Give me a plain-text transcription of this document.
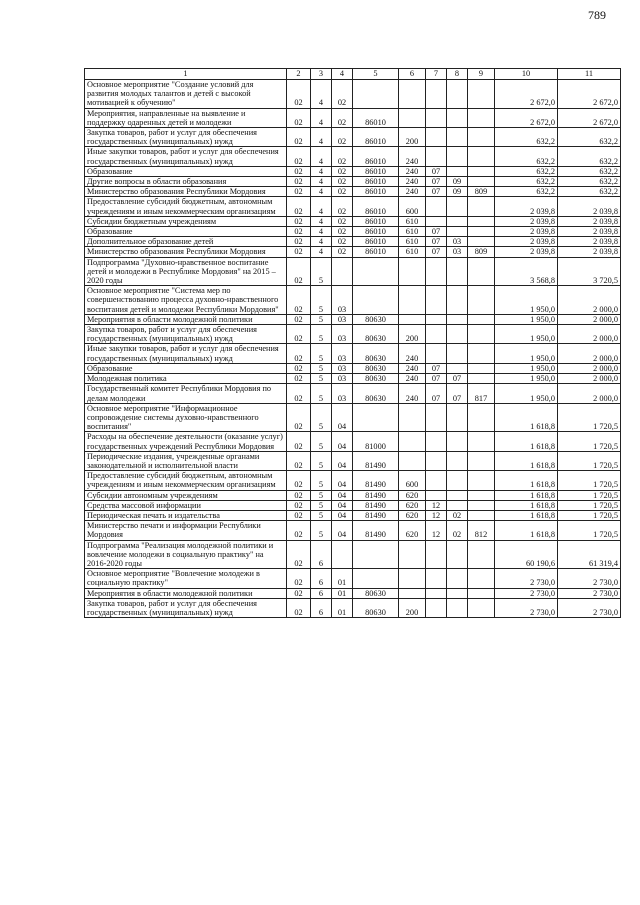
789
1	2	3	4	5	6	7	8	9	10	11
Основное мероприятие "Создание условий для развития молодых талантов и детей с высокой мотивацией к обучению"	02	4	02						2 672,0	2 672,0
Мероприятия, направленные на выявление и поддержку одаренных детей и молодежи	02	4	02	86010					2 672,0	2 672,0
Закупка товаров, работ и услуг для обеспечения государственных (муниципальных) нужд	02	4	02	86010	200				632,2	632,2
Иные закупки товаров, работ и услуг для обеспечения государственных (муниципальных) нужд	02	4	02	86010	240				632,2	632,2
Образование	02	4	02	86010	240	07			632,2	632,2
Другие вопросы в области образования	02	4	02	86010	240	07	09		632,2	632,2
Министерство образования Республики Мордовия	02	4	02	86010	240	07	09	809	632,2	632,2
Предоставление субсидий бюджетным, автономным учреждениям и иным некоммерческим организациям	02	4	02	86010	600				2 039,8	2 039,8
Субсидии бюджетным учреждениям	02	4	02	86010	610				2 039,8	2 039,8
Образование	02	4	02	86010	610	07			2 039,8	2 039,8
Дополнительное образование детей	02	4	02	86010	610	07	03		2 039,8	2 039,8
Министерство образования Республики Мордовия	02	4	02	86010	610	07	03	809	2 039,8	2 039,8
Подпрограмма "Духовно-нравственное воспитание детей и молодежи в Республике Мордовия" на 2015 – 2020 годы	02	5							3 568,8	3 720,5
Основное мероприятие "Система мер по совершенствованию процесса духовно-нравственного воспитания детей и молодежи Республики Мордовия"	02	5	03						1 950,0	2 000,0
Мероприятия в области молодежной политики	02	5	03	80630					1 950,0	2 000,0
Закупка товаров, работ и услуг для обеспечения государственных (муниципальных) нужд	02	5	03	80630	200				1 950,0	2 000,0
Иные закупки товаров, работ и услуг для обеспечения государственных (муниципальных) нужд	02	5	03	80630	240				1 950,0	2 000,0
Образование	02	5	03	80630	240	07			1 950,0	2 000,0
Молодежная политика	02	5	03	80630	240	07	07		1 950,0	2 000,0
Государственный комитет Республики Мордовия по делам молодежи	02	5	03	80630	240	07	07	817	1 950,0	2 000,0
Основное мероприятие "Информационное сопровождение системы духовно-нравственного воспитания"	02	5	04						1 618,8	1 720,5
Расходы на обеспечение деятельности (оказание услуг) государственных учреждений Республики Мордовия	02	5	04	81000					1 618,8	1 720,5
Периодические издания, учрежденные органами законодательной и исполнительной власти	02	5	04	81490					1 618,8	1 720,5
Предоставление субсидий бюджетным, автономным учреждениям и иным некоммерческим организациям	02	5	04	81490	600				1 618,8	1 720,5
Субсидии автономным учреждениям	02	5	04	81490	620				1 618,8	1 720,5
Средства массовой информации	02	5	04	81490	620	12			1 618,8	1 720,5
Периодическая печать и издательства	02	5	04	81490	620	12	02		1 618,8	1 720,5
Министерство печати и информации Республики Мордовия	02	5	04	81490	620	12	02	812	1 618,8	1 720,5
Подпрограмма "Реализация молодежной политики и вовлечение молодежи в социальную практику" на 2016-2020 годы	02	6							60 190,6	61 319,4
Основное мероприятие "Вовлечение молодежи в социальную практику"	02	6	01						2 730,0	2 730,0
Мероприятия в области молодежной политики	02	6	01	80630					2 730,0	2 730,0
Закупка товаров, работ и услуг для обеспечения государственных (муниципальных) нужд	02	6	01	80630	200				2 730,0	2 730,0
